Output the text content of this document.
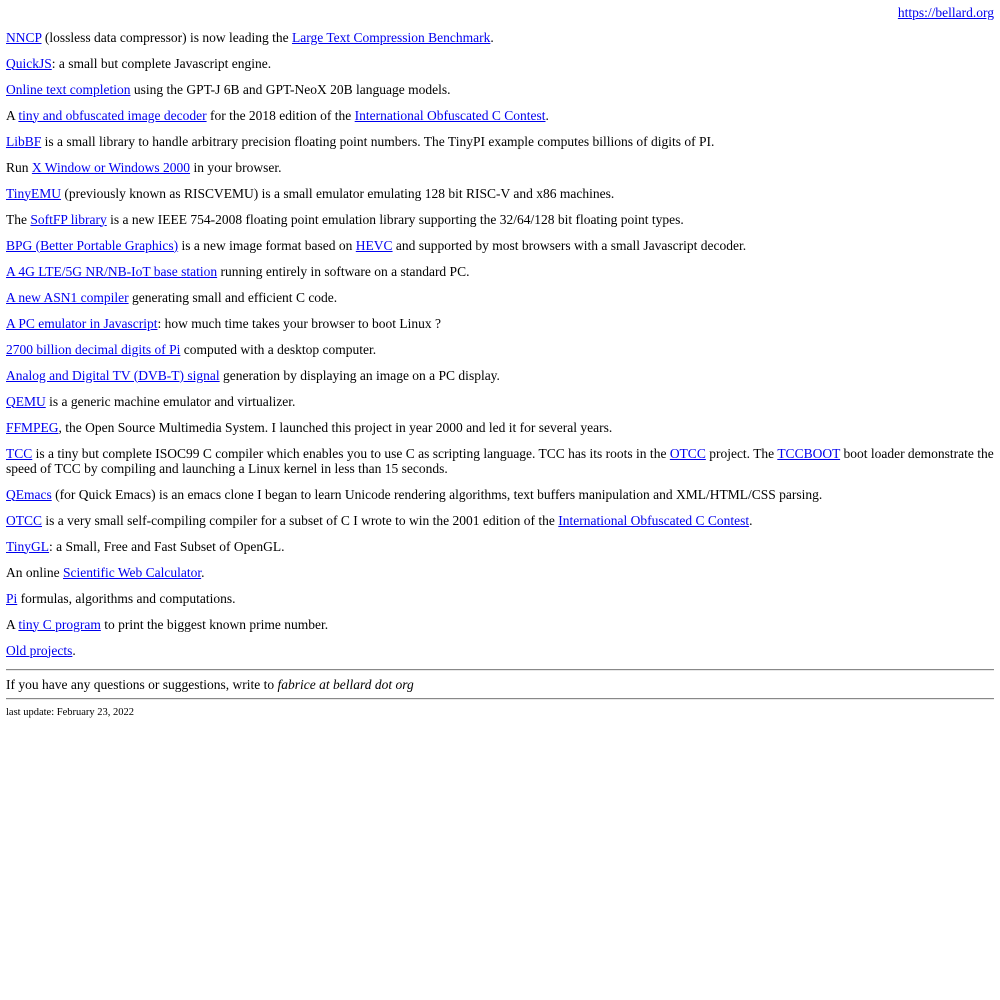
https://bellard.org

NNCP (lossless data compressor) is now leading the Large Text Compression Benchmark.

QuickJS: a small but complete Javascript engine.

Online text completion using the GPT-J 6B and GPT-NeoX 20B language models.

A tiny and obfuscated image decoder for the 2018 edition of the International Obfuscated C Contest.

LibBF is a small library to handle arbitrary precision floating point numbers. The TinyPI example computes billions of digits of PI.

Run X Window or Windows 2000 in your browser.

TinyEMU (previously known as RISCVEMU) is a small emulator emulating 128 bit RISC-V and x86 machines.

The SoftFP library is a new IEEE 754-2008 floating point emulation library supporting the 32/64/128 bit floating point types.

BPG (Better Portable Graphics) is a new image format based on HEVC and supported by most browsers with a small Javascript decoder.

A 4G LTE/5G NR/NB-IoT base station running entirely in software on a standard PC.

A new ASN1 compiler generating small and efficient C code.

A PC emulator in Javascript: how much time takes your browser to boot Linux ?

2700 billion decimal digits of Pi computed with a desktop computer.

Analog and Digital TV (DVB-T) signal generation by displaying an image on a PC display.

QEMU is a generic machine emulator and virtualizer.

FFMPEG, the Open Source Multimedia System. I launched this project in year 2000 and led it for several years.

TCC is a tiny but complete ISOC99 C compiler which enables you to use C as scripting language. TCC has its roots in the OTCC project. The TCCBOOT boot loader demonstrate the speed of TCC by compiling and launching a Linux kernel in less than 15 seconds.

QEmacs (for Quick Emacs) is an emacs clone I began to learn Unicode rendering algorithms, text buffers manipulation and XML/HTML/CSS parsing.

OTCC is a very small self-compiling compiler for a subset of C I wrote to win the 2001 edition of the International Obfuscated C Contest.

TinyGL: a Small, Free and Fast Subset of OpenGL.

An online Scientific Web Calculator.

Pi formulas, algorithms and computations.

A tiny C program to print the biggest known prime number.

Old projects.

If you have any questions or suggestions, write to fabrice at bellard dot org

last update: February 23, 2022
